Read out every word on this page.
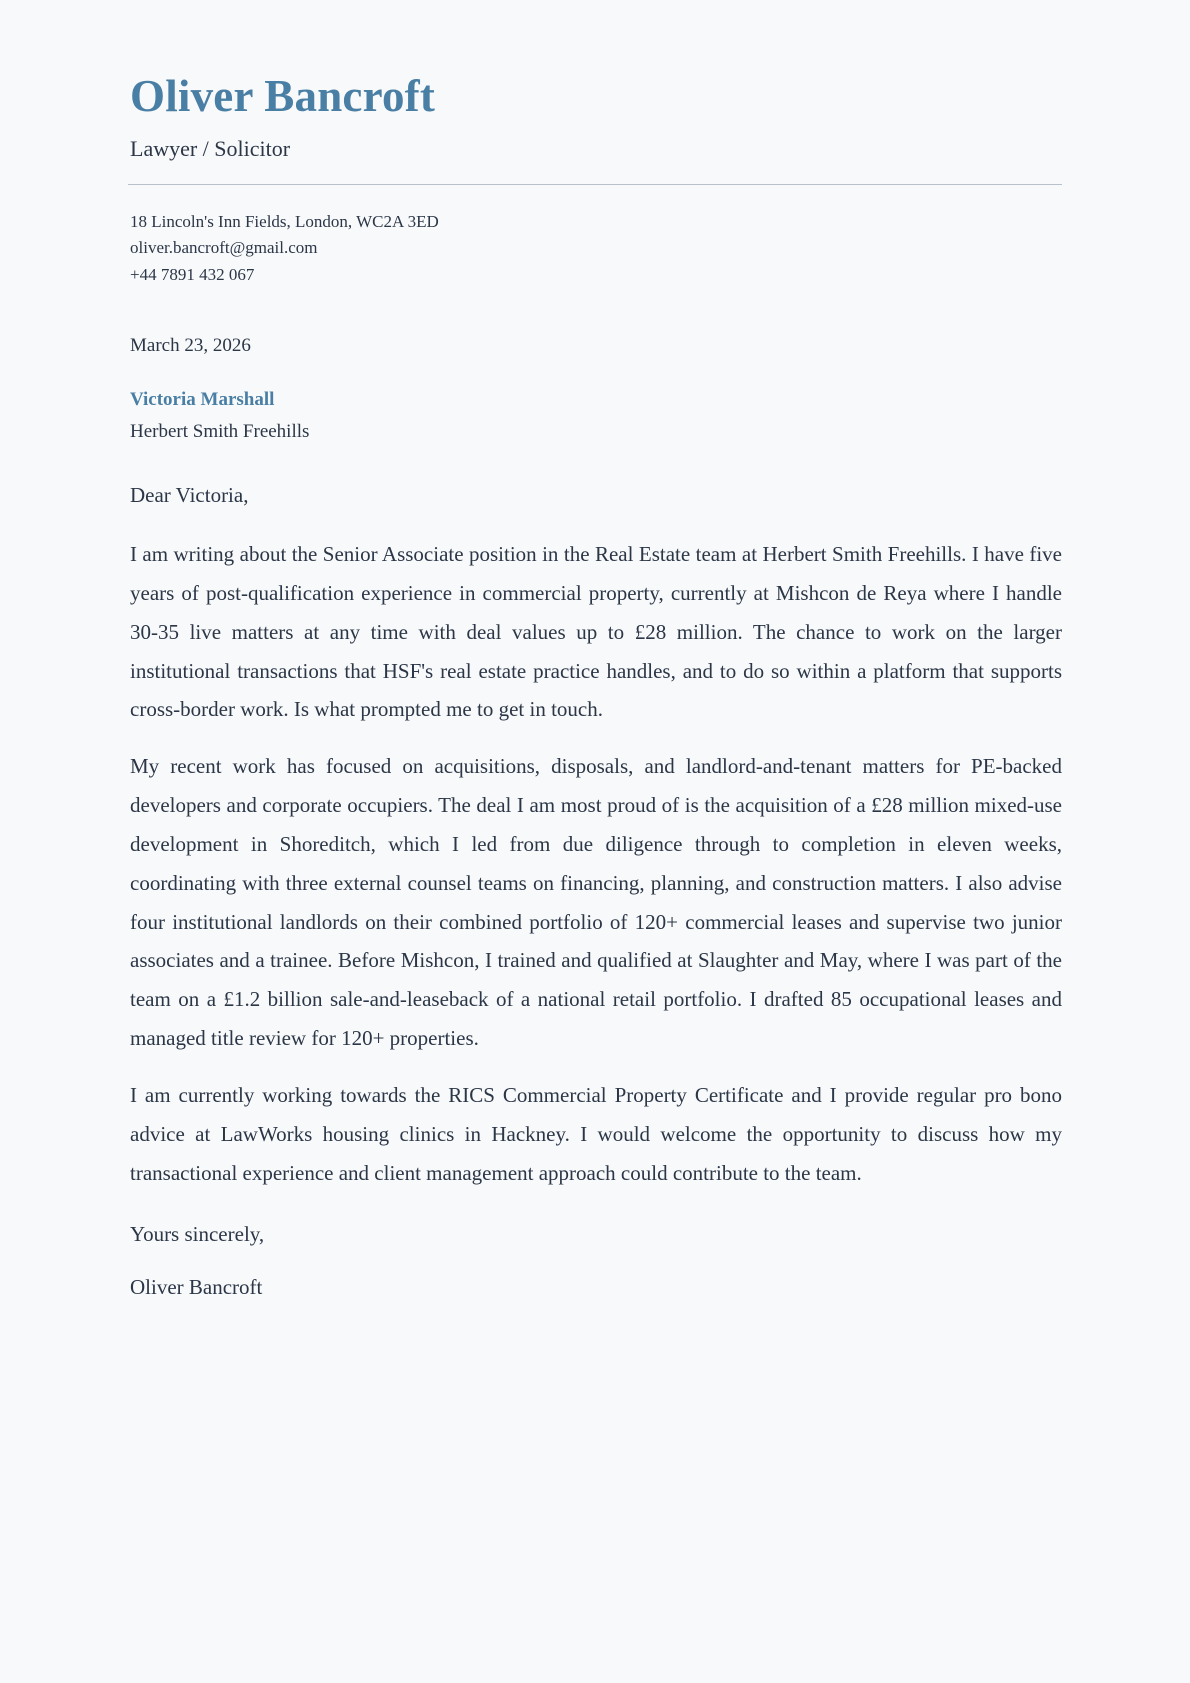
Oliver Bancroft
Lawyer / Solicitor
18 Lincoln's Inn Fields, London, WC2A 3ED
oliver.bancroft@gmail.com
+44 7891 432 067
March 23, 2026
Victoria Marshall
Herbert Smith Freehills
Dear Victoria,

I am writing about the Senior Associate position in the Real Estate team at Herbert Smith Freehills. I have five years of post-qualification experience in commercial property, currently at Mishcon de Reya where I handle 30-35 live matters at any time with deal values up to £28 million. The chance to work on the larger institutional transactions that HSF's real estate practice handles, and to do so within a platform that supports cross-border work. Is what prompted me to get in touch.

My recent work has focused on acquisitions, disposals, and landlord-and-tenant matters for PE-backed developers and corporate occupiers. The deal I am most proud of is the acquisition of a £28 million mixed-use development in Shoreditch, which I led from due diligence through to completion in eleven weeks, coordinating with three external counsel teams on financing, planning, and construction matters. I also advise four institutional landlords on their combined portfolio of 120+ commercial leases and supervise two junior associates and a trainee. Before Mishcon, I trained and qualified at Slaughter and May, where I was part of the team on a £1.2 billion sale-and-leaseback of a national retail portfolio. I drafted 85 occupational leases and managed title review for 120+ properties.

I am currently working towards the RICS Commercial Property Certificate and I provide regular pro bono advice at LawWorks housing clinics in Hackney. I would welcome the opportunity to discuss how my transactional experience and client management approach could contribute to the team.

Yours sincerely,
Oliver Bancroft
